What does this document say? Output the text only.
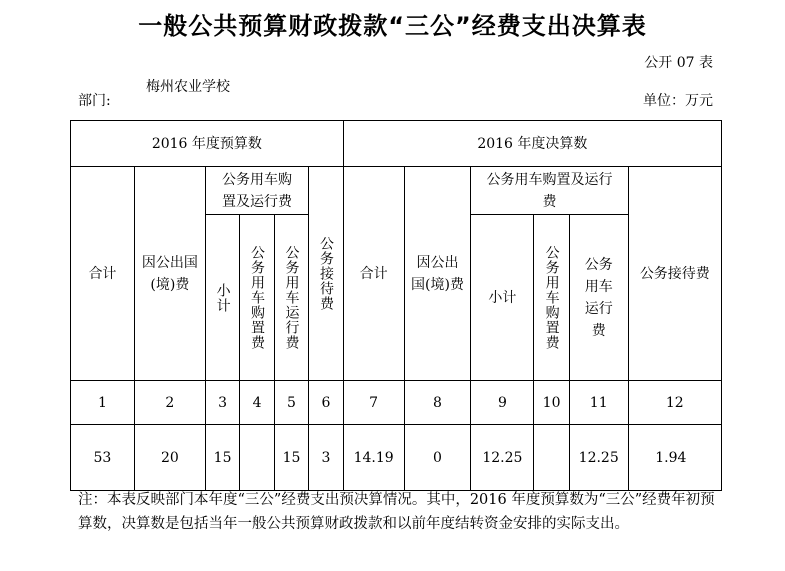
一般公共预算财政拨款“三公”经费支出决算表
公开 07 表
部门:
梅州农业学校
单位：万元
2016 年度预算数						2016 年度决算数					
合计	因公出国(境)费	公务用车购置及运行费			公务接待费	合计	因公出国(境)费	公务用车购置及运行费			公务接待费
		小计	公务用车购置费	公务用车运行费				小计	公务用车购置费	公务用车运行费	

1	2	3	4	5	6	7	8	9	10	11	12
53	20	15		15	3	14.19	0	12.25		12.25	1.94
注：本表反映部门本年度“三公”经费支出预决算情况。其中，2016 年度预算数为“三公”经费年初预算数，决算数是包括当年一般公共预算财政拨款和以前年度结转资金安排的实际支出。
